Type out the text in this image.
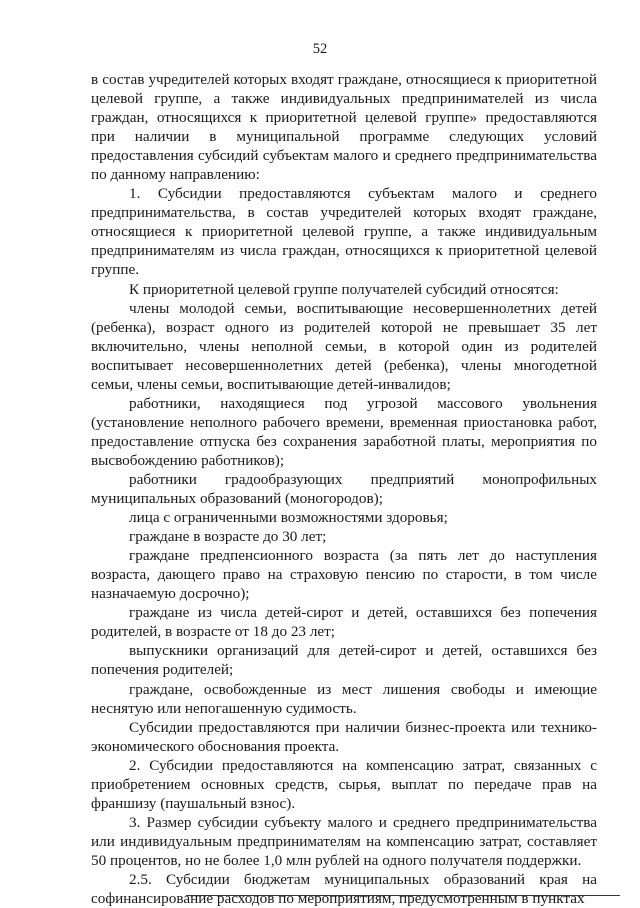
52

в состав учредителей которых входят граждане, относящиеся к приоритетной целевой группе, а также индивидуальных предпринимателей из числа граждан, относящихся к приоритетной целевой группе» предоставляются при наличии в муниципальной программе следующих условий предоставления субсидий субъектам малого и среднего предпринимательства по данному направлению:

1. Субсидии предоставляются субъектам малого и среднего предпринимательства, в состав учредителей которых входят граждане, относящиеся к приоритетной целевой группе, а также индивидуальным предпринимателям из числа граждан, относящихся к приоритетной целевой группе.

К приоритетной целевой группе получателей субсидий относятся:

члены молодой семьи, воспитывающие несовершеннолетних детей (ребенка), возраст одного из родителей которой не превышает 35 лет включительно, члены неполной семьи, в которой один из родителей воспитывает несовершеннолетних детей (ребенка), члены многодетной семьи, члены семьи, воспитывающие детей-инвалидов;

работники, находящиеся под угрозой массового увольнения (установление неполного рабочего времени, временная приостановка работ, предоставление отпуска без сохранения заработной платы, мероприятия по высвобождению работников);

работники градообразующих предприятий монопрофильных муниципальных образований (моногородов);

лица с ограниченными возможностями здоровья;

граждане в возрасте до 30 лет;

граждане предпенсионного возраста (за пять лет до наступления возраста, дающего право на страховую пенсию по старости, в том числе назначаемую досрочно);

граждане из числа детей-сирот и детей, оставшихся без попечения родителей, в возрасте от 18 до 23 лет;

выпускники организаций для детей-сирот и детей, оставшихся без попечения родителей;

граждане, освобожденные из мест лишения свободы и имеющие неснятую или непогашенную судимость.

Субсидии предоставляются при наличии бизнес-проекта или технико-экономического обоснования проекта.

2. Субсидии предоставляются на компенсацию затрат, связанных с приобретением основных средств, сырья, выплат по передаче прав на франшизу (паушальный взнос).

3. Размер субсидии субъекту малого и среднего предпринимательства или индивидуальным предпринимателям на компенсацию затрат, составляет 50 процентов, но не более 1,0 млн рублей на одного получателя поддержки.

2.5. Субсидии бюджетам муниципальных образований края на софинансирование расходов по мероприятиям, предусмотренным в пунктах
